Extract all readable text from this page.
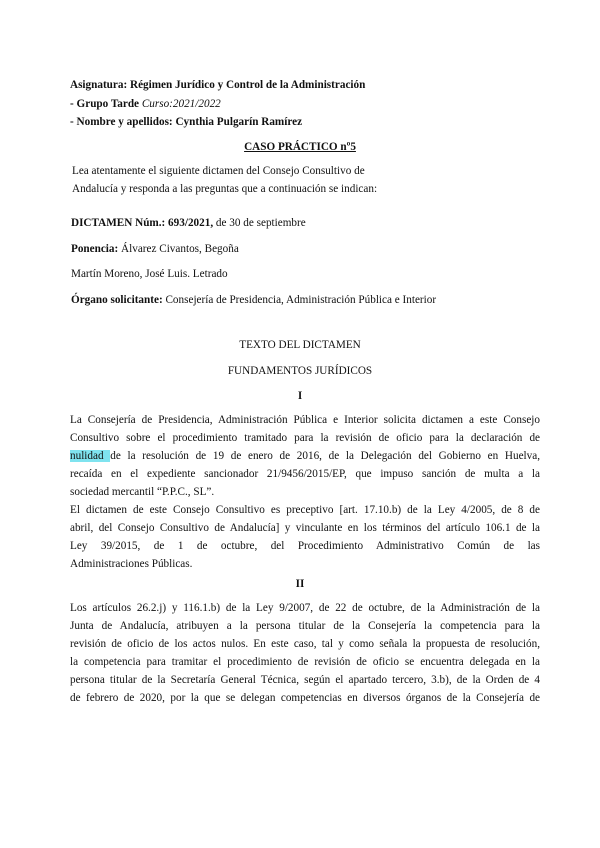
Asignatura: Régimen Jurídico y Control de la Administración
- Grupo Tarde Curso:2021/2022
- Nombre y apellidos: Cynthia Pulgarín Ramírez
CASO PRÁCTICO nº5
Lea atentamente el siguiente dictamen del Consejo Consultivo de
Andalucía y responda a las preguntas que a continuación se indican:
DICTAMEN Núm.: 693/2021, de 30 de septiembre
Ponencia: Álvarez Civantos, Begoña
Martín Moreno, José Luis. Letrado
Órgano solicitante: Consejería de Presidencia, Administración Pública e Interior
TEXTO DEL DICTAMEN
FUNDAMENTOS JURÍDICOS
I
La Consejería de Presidencia, Administración Pública e Interior solicita dictamen a este Consejo
Consultivo sobre el procedimiento tramitado para la revisión de oficio para la declaración de
nulidad de la resolución de 19 de enero de 2016, de la Delegación del Gobierno en Huelva,
recaída en el expediente sancionador 21/9456/2015/EP, que impuso sanción de multa a la
sociedad mercantil “P.P.C., SL”.
El dictamen de este Consejo Consultivo es preceptivo [art. 17.10.b) de la Ley 4/2005, de 8 de
abril, del Consejo Consultivo de Andalucía] y vinculante en los términos del artículo 106.1 de la
Ley 39/2015, de 1 de octubre, del Procedimiento Administrativo Común de las
Administraciones Públicas.
II
Los artículos 26.2.j) y 116.1.b) de la Ley 9/2007, de 22 de octubre, de la Administración de la
Junta de Andalucía, atribuyen a la persona titular de la Consejería la competencia para la
revisión de oficio de los actos nulos. En este caso, tal y como señala la propuesta de resolución,
la competencia para tramitar el procedimiento de revisión de oficio se encuentra delegada en la
persona titular de la Secretaría General Técnica, según el apartado tercero, 3.b), de la Orden de 4
de febrero de 2020, por la que se delegan competencias en diversos órganos de la Consejería de
